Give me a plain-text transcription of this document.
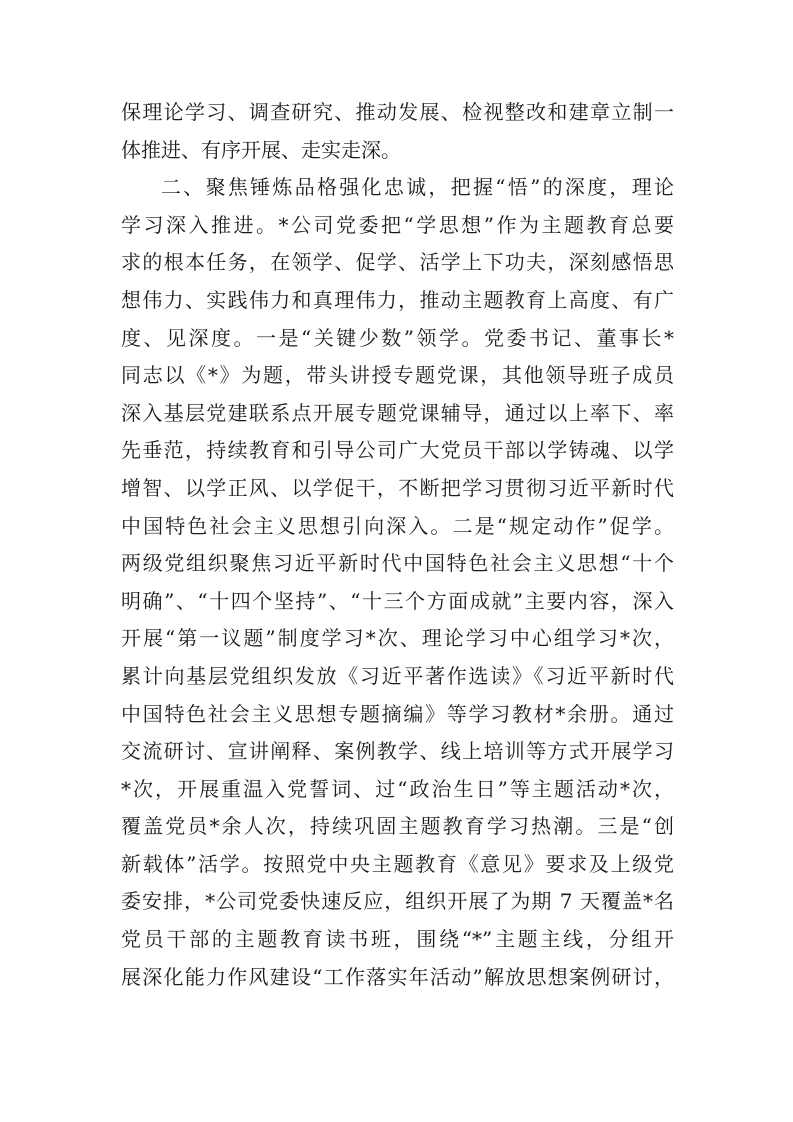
保理论学习、调查研究、推动发展、检视整改和建章立制一
体推进、有序开展、走实走深。
二、聚焦锤炼品格强化忠诚，把握“悟”的深度，理论
学习深入推进。*公司党委把“学思想”作为主题教育总要
求的根本任务，在领学、促学、活学上下功夫，深刻感悟思
想伟力、实践伟力和真理伟力，推动主题教育上高度、有广
度、见深度。一是“关键少数”领学。党委书记、董事长*
同志以《*》为题，带头讲授专题党课，其他领导班子成员
深入基层党建联系点开展专题党课辅导，通过以上率下、率
先垂范，持续教育和引导公司广大党员干部以学铸魂、以学
增智、以学正风、以学促干，不断把学习贯彻习近平新时代
中国特色社会主义思想引向深入。二是“规定动作”促学。
两级党组织聚焦习近平新时代中国特色社会主义思想“十个
明确”、“十四个坚持”、“十三个方面成就”主要内容，深入
开展“第一议题”制度学习*次、理论学习中心组学习*次，
累计向基层党组织发放《习近平著作选读》《习近平新时代
中国特色社会主义思想专题摘编》等学习教材*余册。通过
交流研讨、宣讲阐释、案例教学、线上培训等方式开展学习
*次，开展重温入党誓词、过“政治生日”等主题活动*次，
覆盖党员*余人次，持续巩固主题教育学习热潮。三是“创
新载体”活学。按照党中央主题教育《意见》要求及上级党
委安排，*公司党委快速反应，组织开展了为期 7 天覆盖*名
党员干部的主题教育读书班，围绕“*”主题主线，分组开
展深化能力作风建设“工作落实年活动”解放思想案例研讨，
